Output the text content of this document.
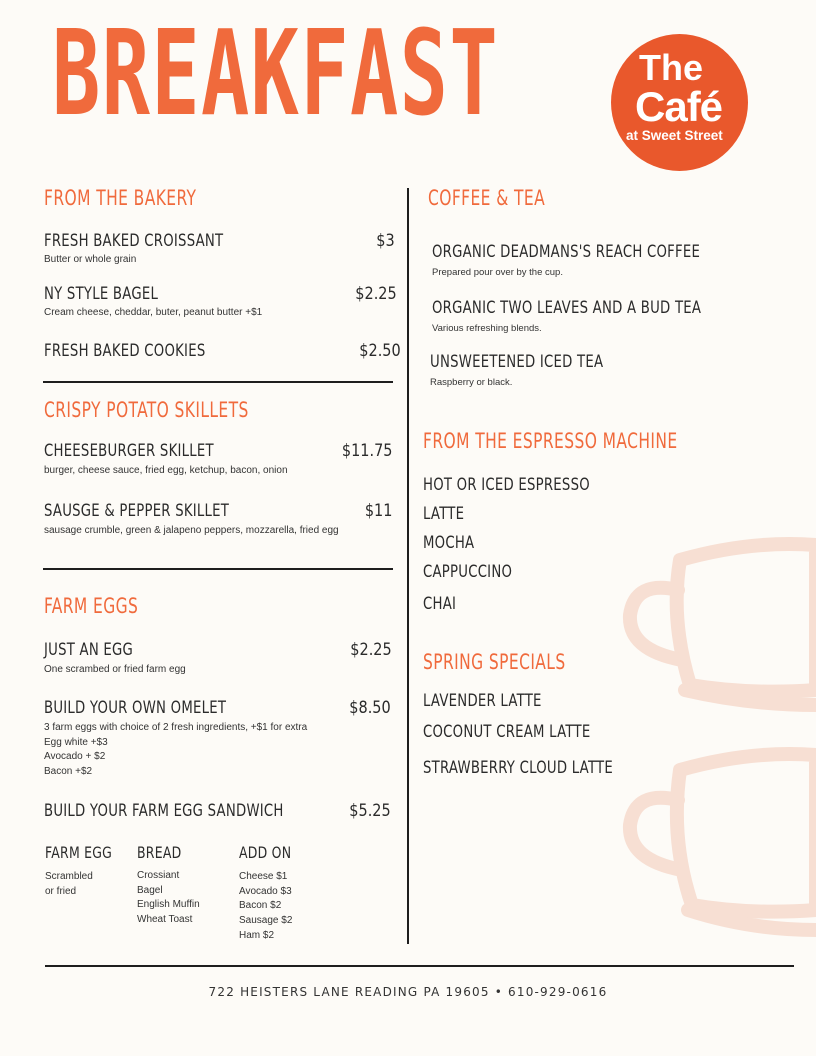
BREAKFAST	The
Café
at Sweet Street
FROM THE BAKERY
FRESH BAKED CROISSANT	$3
Butter or whole grain
NY STYLE BAGEL	$2.25
Cream cheese, cheddar, buter, peanut butter +$1
FRESH BAKED COOKIES	$2.50
CRISPY POTATO SKILLETS
CHEESEBURGER SKILLET	$11.75
burger, cheese sauce, fried egg, ketchup, bacon, onion
SAUSGE & PEPPER SKILLET	$11
sausage crumble, green & jalapeno peppers, mozzarella, fried egg
FARM EGGS
JUST AN EGG	$2.25
One scrambed or fried farm egg
BUILD YOUR OWN OMELET	$8.50
3 farm eggs with choice of 2 fresh ingredients, +$1 for extra
Egg white +$3
Avocado + $2
Bacon +$2
BUILD YOUR FARM EGG SANDWICH	$5.25
FARM EGG
Scrambled
or fried
BREAD
Crossiant
Bagel
English Muffin
Wheat Toast
ADD ON
Cheese $1
Avocado $3
Bacon $2
Sausage $2
Ham $2
COFFEE & TEA
ORGANIC DEADMANS'S REACH COFFEE
Prepared pour over by the cup.
ORGANIC TWO LEAVES AND A BUD TEA
Various refreshing blends.
UNSWEETENED ICED TEA
Raspberry or black.
FROM THE ESPRESSO MACHINE
HOT OR ICED ESPRESSO
LATTE
MOCHA
CAPPUCCINO
CHAI
SPRING SPECIALS
LAVENDER LATTE
COCONUT CREAM LATTE
STRAWBERRY CLOUD LATTE
722 HEISTERS LANE READING PA 19605 • 610-929-0616
